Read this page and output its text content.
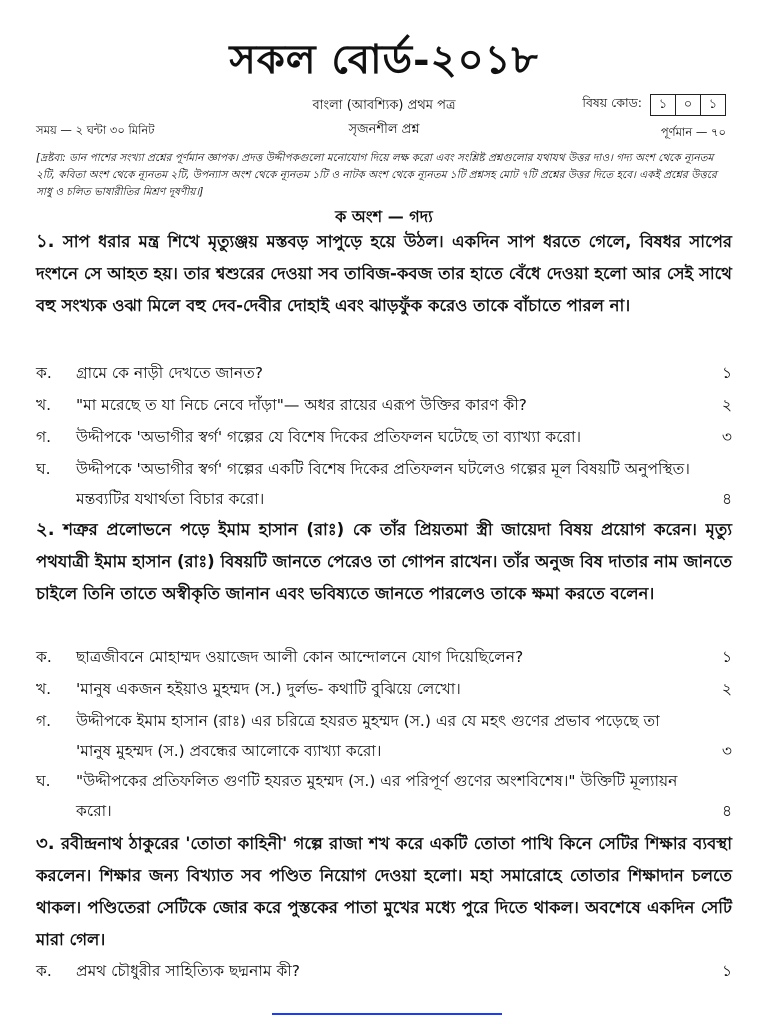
সকল বোর্ড-২০১৮
বাংলা (আবশ্যিক) প্রথম পত্র	বিষয় কোড:	১	০	১
সময় — ২ ঘন্টা ৩০ মিনিট	সৃজনশীল প্রশ্ন	পূর্ণমান — ৭০
[দ্রষ্টব্য: ডান পাশের সংখ্যা প্রশ্নের পূর্ণমান জ্ঞাপক। প্রদত্ত উদ্দীপকগুলো মনোযোগ দিয়ে লক্ষ করো এবং সংশ্লিষ্ট প্রশ্নগুলোর যথাযথ উত্তর দাও। গদ্য অংশ থেকে ন্যূনতম ২টি, কবিতা অংশ থেকে ন্যূনতম ২টি, উপন্যাস অংশ থেকে ন্যূনতম ১টি ও নাটক অংশ থেকে ন্যূনতম ১টি প্রশ্নসহ মোট ৭টি প্রশ্নের উত্তর দিতে হবে। একই প্রশ্নের উত্তরে সাধু ও চলিত ভাষারীতির মিশ্রণ দূষণীয়।]
ক অংশ — গদ্য
১. সাপ ধরার মন্ত্র শিখে মৃত্যুঞ্জয় মস্তবড় সাপুড়ে হয়ে উঠল। একদিন সাপ ধরতে গেলে, বিষধর সাপের দংশনে সে আহত হয়। তার শ্বশুরের দেওয়া সব তাবিজ-কবজ তার হাতে বেঁধে দেওয়া হলো আর সেই সাথে বহু সংখ্যক ওঝা মিলে বহু দেব-দেবীর দোহাই এবং ঝাড়ফুঁক করেও তাকে বাঁচাতে পারল না।
ক.	গ্রামে কে নাড়ী দেখতে জানত?	১
খ.	"মা মরেছে ত যা নিচে নেবে দাঁড়া"— অধর রায়ের এরূপ উক্তির কারণ কী?	২
গ.	উদ্দীপকে 'অভাগীর স্বর্গ' গল্পের যে বিশেষ দিকের প্রতিফলন ঘটেছে তা ব্যাখ্যা করো।	৩
ঘ.	উদ্দীপকে 'অভাগীর স্বর্গ' গল্পের একটি বিশেষ দিকের প্রতিফলন ঘটলেও গল্পের মূল বিষয়টি অনুপস্থিত। মন্তব্যটির যথার্থতা বিচার করো।	৪
২. শত্রুর প্রলোভনে পড়ে ইমাম হাসান (রাঃ) কে তাঁর প্রিয়তমা স্ত্রী জায়েদা বিষয় প্রয়োগ করেন। মৃত্যু পথযাত্রী ইমাম হাসান (রাঃ) বিষয়টি জানতে পেরেও তা গোপন রাখেন। তাঁর অনুজ বিষ দাতার নাম জানতে চাইলে তিনি তাতে অস্বীকৃতি জানান এবং ভবিষ্যতে জানতে পারলেও তাকে ক্ষমা করতে বলেন।
ক.	ছাত্রজীবনে মোহাম্মদ ওয়াজেদ আলী কোন আন্দোলনে যোগ দিয়েছিলেন?	১
খ.	'মানুষ একজন হইয়াও মুহম্মদ (স.) দুর্লভ- কথাটি বুঝিয়ে লেখো।	২
গ.	উদ্দীপকে ইমাম হাসান (রাঃ) এর চরিত্রে হযরত মুহম্মদ (স.) এর যে মহৎ গুণের প্রভাব পড়েছে তা 'মানুষ মুহম্মদ (স.) প্রবন্ধের আলোকে ব্যাখ্যা করো।	৩
ঘ.	"উদ্দীপকের প্রতিফলিত গুণটি হযরত মুহম্মদ (স.) এর পরিপূর্ণ গুণের অংশবিশেষ।" উক্তিটি মূল্যায়ন করো।	৪
৩. রবীন্দ্রনাথ ঠাকুরের 'তোতা কাহিনী' গল্পে রাজা শখ করে একটি তোতা পাখি কিনে সেটির শিক্ষার ব্যবস্থা করলেন। শিক্ষার জন্য বিখ্যাত সব পণ্ডিত নিয়োগ দেওয়া হলো। মহা সমারোহে তোতার শিক্ষাদান চলতে থাকল। পণ্ডিতেরা সেটিকে জোর করে পুস্তকের পাতা মুখের মধ্যে পুরে দিতে থাকল। অবশেষে একদিন সেটি মারা গেল।
ক.	প্রমথ চৌধুরীর সাহিত্যিক ছদ্মনাম কী?	১
